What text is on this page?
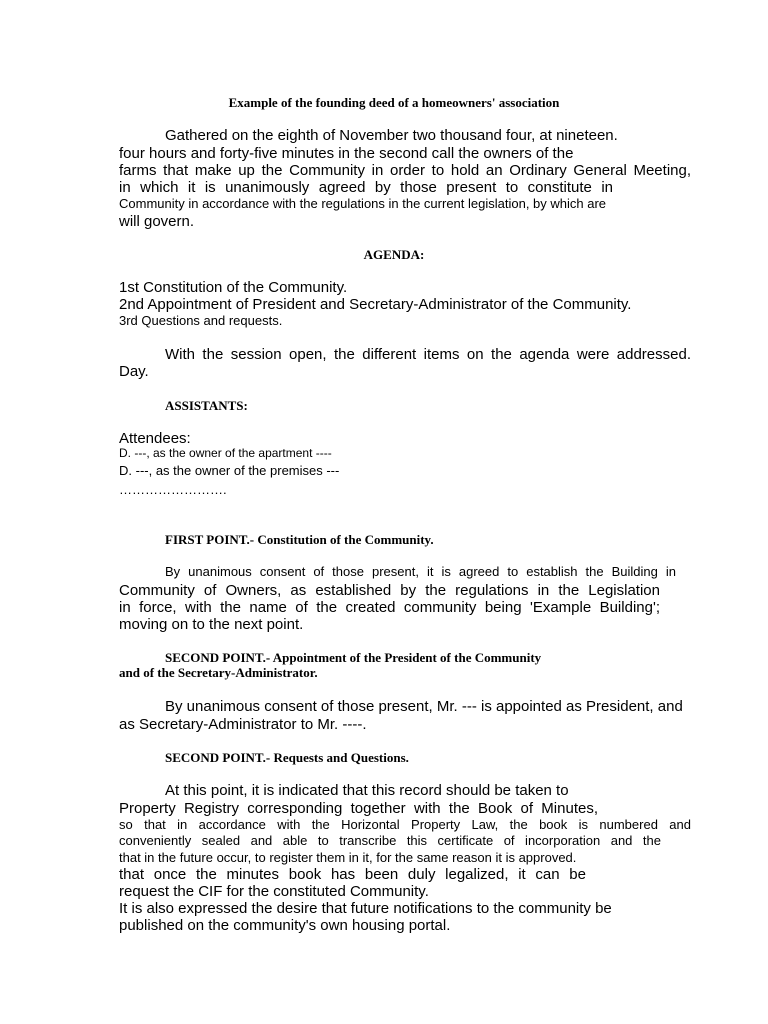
Example of the founding deed of a homeowners' association
Gathered on the eighth of November two thousand four, at nineteen.
four hours and forty-five minutes in the second call the owners of the
farms that make up the Community in order to hold an Ordinary General Meeting,
in which it is unanimously agreed by those present to constitute in
Community in accordance with the regulations in the current legislation, by which are
will govern.
AGENDA:
1st Constitution of the Community.
2nd Appointment of President and Secretary-Administrator of the Community.
3rd Questions and requests.
With the session open, the different items on the agenda were addressed.
Day.
ASSISTANTS:
Attendees:
D. ---, as the owner of the apartment ----
D. ---, as the owner of the premises ---
…………………….
FIRST POINT.- Constitution of the Community.
By unanimous consent of those present, it is agreed to establish the Building in
Community of Owners, as established by the regulations in the Legislation
in force, with the name of the created community being 'Example Building';
moving on to the next point.
SECOND POINT.- Appointment of the President of the Community
and of the Secretary-Administrator.
By unanimous consent of those present, Mr. --- is appointed as President, and
as Secretary-Administrator to Mr. ----.
SECOND POINT.- Requests and Questions.
At this point, it is indicated that this record should be taken to
Property Registry corresponding together with the Book of Minutes,
so that in accordance with the Horizontal Property Law, the book is numbered and
conveniently sealed and able to transcribe this certificate of incorporation and the
that in the future occur, to register them in it, for the same reason it is approved.
that once the minutes book has been duly legalized, it can be
request the CIF for the constituted Community.
It is also expressed the desire that future notifications to the community be
published on the community's own housing portal.
